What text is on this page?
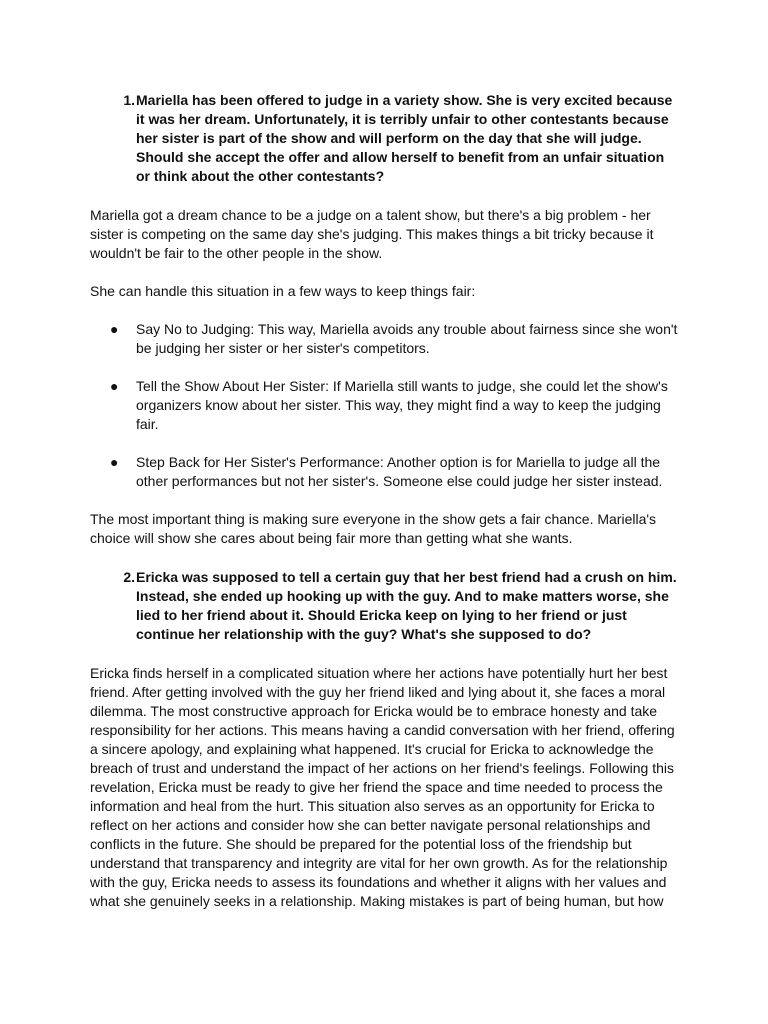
1. Mariella has been offered to judge in a variety show. She is very excited because it was her dream. Unfortunately, it is terribly unfair to other contestants because her sister is part of the show and will perform on the day that she will judge. Should she accept the offer and allow herself to benefit from an unfair situation or think about the other contestants?

Mariella got a dream chance to be a judge on a talent show, but there's a big problem - her sister is competing on the same day she's judging. This makes things a bit tricky because it wouldn't be fair to the other people in the show.

She can handle this situation in a few ways to keep things fair:

●	Say No to Judging: This way, Mariella avoids any trouble about fairness since she won't be judging her sister or her sister's competitors.
●	Tell the Show About Her Sister: If Mariella still wants to judge, she could let the show's organizers know about her sister. This way, they might find a way to keep the judging fair.
●	Step Back for Her Sister's Performance: Another option is for Mariella to judge all the other performances but not her sister's. Someone else could judge her sister instead.

The most important thing is making sure everyone in the show gets a fair chance. Mariella's choice will show she cares about being fair more than getting what she wants.

2. Ericka was supposed to tell a certain guy that her best friend had a crush on him. Instead, she ended up hooking up with the guy. And to make matters worse, she lied to her friend about it. Should Ericka keep on lying to her friend or just continue her relationship with the guy? What's she supposed to do?

Ericka finds herself in a complicated situation where her actions have potentially hurt her best friend. After getting involved with the guy her friend liked and lying about it, she faces a moral dilemma. The most constructive approach for Ericka would be to embrace honesty and take responsibility for her actions. This means having a candid conversation with her friend, offering a sincere apology, and explaining what happened. It's crucial for Ericka to acknowledge the breach of trust and understand the impact of her actions on her friend's feelings. Following this revelation, Ericka must be ready to give her friend the space and time needed to process the information and heal from the hurt. This situation also serves as an opportunity for Ericka to reflect on her actions and consider how she can better navigate personal relationships and conflicts in the future. She should be prepared for the potential loss of the friendship but understand that transparency and integrity are vital for her own growth. As for the relationship with the guy, Ericka needs to assess its foundations and whether it aligns with her values and what she genuinely seeks in a relationship. Making mistakes is part of being human, but how
